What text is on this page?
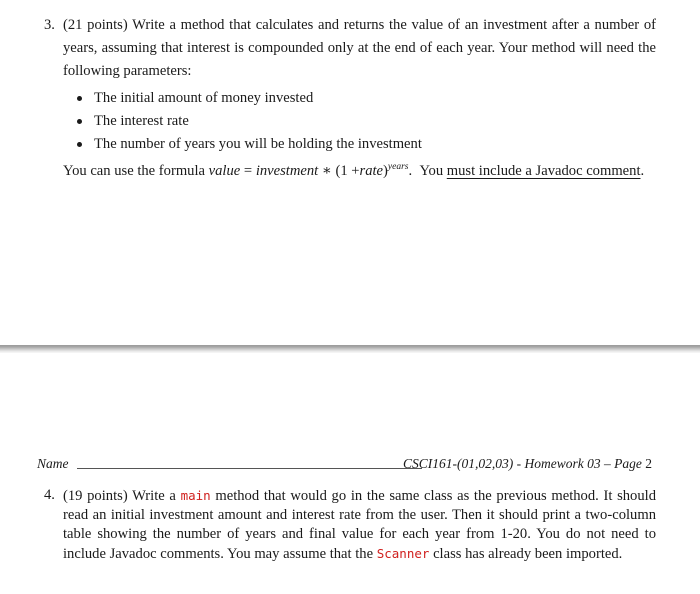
3. (21 points) Write a method that calculates and returns the value of an investment after a number of years, assuming that interest is compounded only at the end of each year. Your method will need the following parameters:
The initial amount of money invested
The interest rate
The number of years you will be holding the investment
You can use the formula value = investment ∗ (1 +rate)$^{years}$. You must include a Javadoc comment.
Name	CSCI161-(01,02,03) - Homework 03 – Page 2
4. (19 points) Write a main method that would go in the same class as the previous method. It should read an initial investment amount and interest rate from the user. Then it should print a two-column table showing the number of years and final value for each year from 1-20. You do not need to include Javadoc comments. You may assume that the Scanner class has already been imported.
